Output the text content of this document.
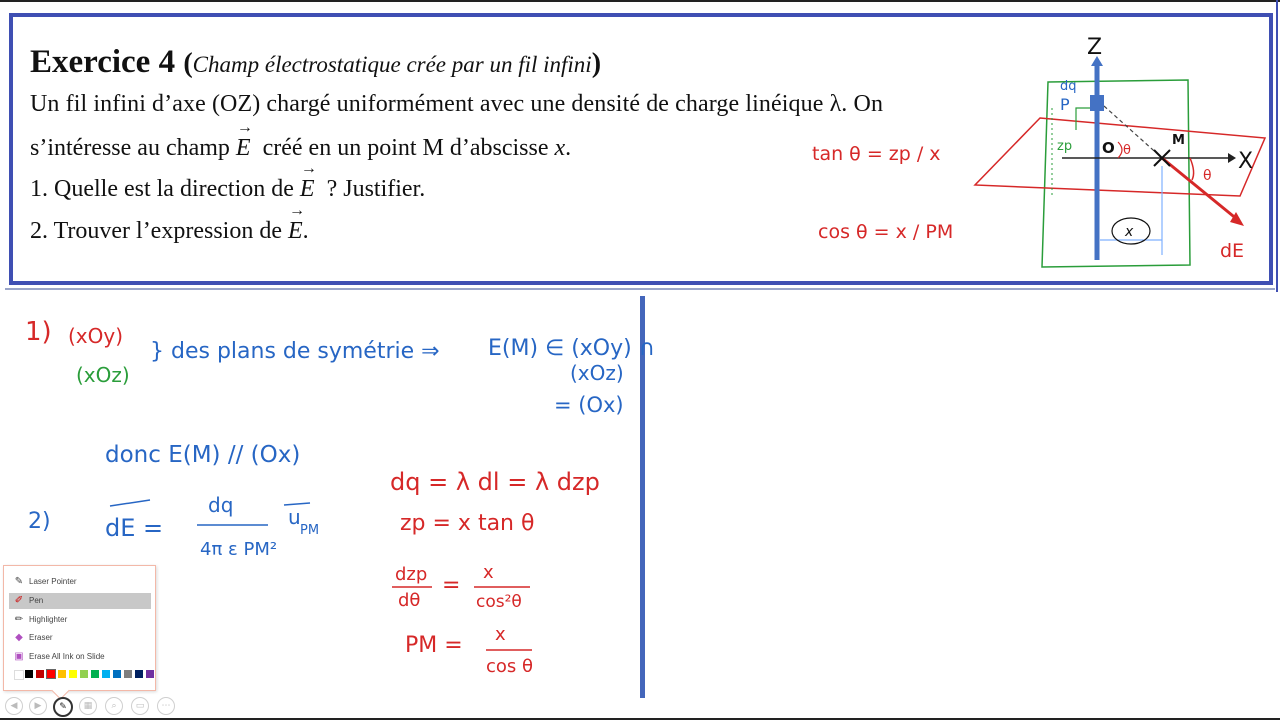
Exercice 4 (Champ électrostatique crée par un fil infini)
Un fil infini d’axe (OZ) chargé uniformément avec une densité de charge linéique λ. On
s’intéresse au champ → E créé en un point M d’abscisse x.
1. Quelle est la direction de → E ? Justifier.
2. Trouver l’expression de → E.
Z
X
O	M
θ
θ
x
dq
P
zp
dE
tan θ = zp / x
cos θ = x / PM
1) (xOy)
(xOz)
} des plans de symétrie ⇒ E(M) ∈ (xOy) ∩
(xOz)
= (Ox)
donc E(M) // (Ox)
2) dE =
dq
4π ε PM²
u
PM
dq = λ dl = λ dzp
zp = x tan θ
dzp
dθ
=
x
cos²θ
PM = x
cos θ
✎ Laser Pointer
✐ Pen
✏ Highlighter
◆ Eraser
▣ Erase All Ink on Slide
◀	▶	✎	▦	⌕	▭	⋯
